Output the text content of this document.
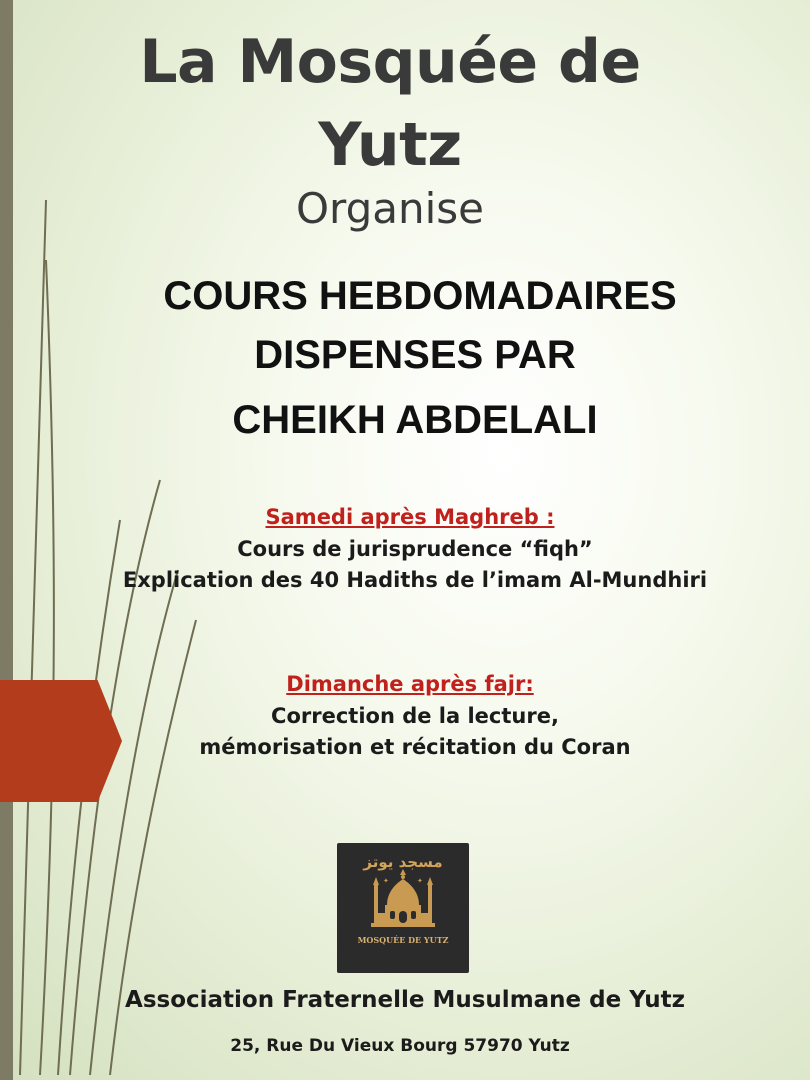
La Mosquée de
Yutz

Organise

COURS HEBDOMADAIRES

DISPENSES PAR

CHEIKH ABDELALI

Samedi après Maghreb :

Cours de jurisprudence “fiqh”

Explication des 40 Hadiths de l’imam Al-Mundhiri

Dimanche après fajr:

Correction de la lecture,

mémorisation et récitation du Coran

✦	✦
مسجد يوتز
MOSQUÉE DE YUTZ

Association Fraternelle Musulmane de Yutz

25, Rue Du Vieux Bourg 57970 Yutz
